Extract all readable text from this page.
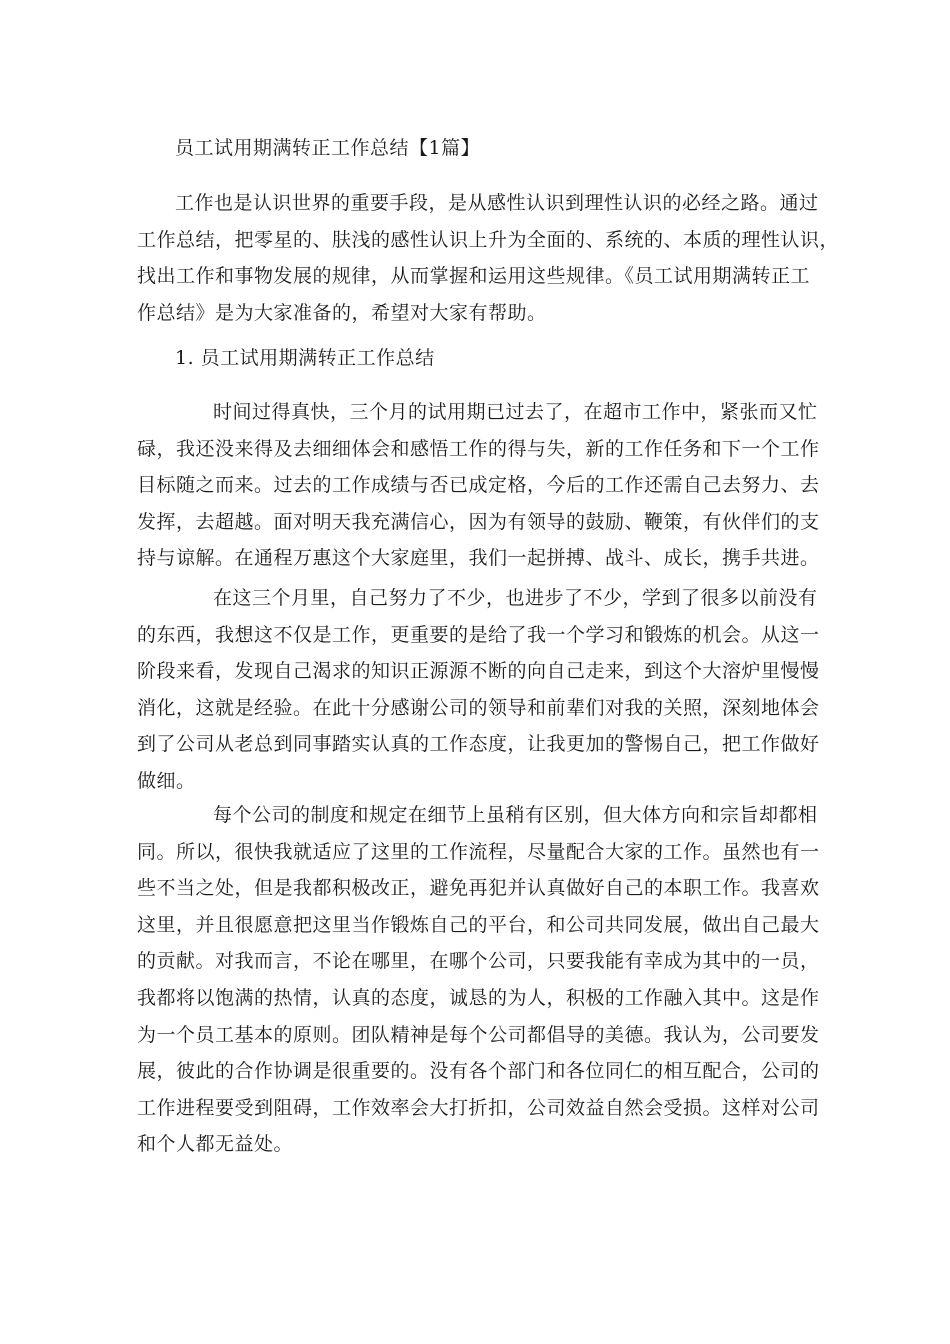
员工试用期满转正工作总结【1篇】
工作也是认识世界的重要手段，是从感性认识到理性认识的必经之路。通过
工作总结，把零星的、肤浅的感性认识上升为全面的、系统的、本质的理性认识，
找出工作和事物发展的规律，从而掌握和运用这些规律。《员工试用期满转正工
作总结》是为大家准备的，希望对大家有帮助。
1. 员工试用期满转正工作总结
时间过得真快，三个月的试用期已过去了，在超市工作中，紧张而又忙
碌，我还没来得及去细细体会和感悟工作的得与失，新的工作任务和下一个工作
目标随之而来。过去的工作成绩与否已成定格，今后的工作还需自己去努力、去
发挥，去超越。面对明天我充满信心，因为有领导的鼓励、鞭策，有伙伴们的支
持与谅解。在通程万惠这个大家庭里，我们一起拼搏、战斗、成长，携手共进。
在这三个月里，自己努力了不少，也进步了不少，学到了很多以前没有
的东西，我想这不仅是工作，更重要的是给了我一个学习和锻炼的机会。从这一
阶段来看，发现自己渴求的知识正源源不断的向自己走来，到这个大溶炉里慢慢
消化，这就是经验。在此十分感谢公司的领导和前辈们对我的关照，深刻地体会
到了公司从老总到同事踏实认真的工作态度，让我更加的警惕自己，把工作做好
做细。
每个公司的制度和规定在细节上虽稍有区别，但大体方向和宗旨却都相
同。所以，很快我就适应了这里的工作流程，尽量配合大家的工作。虽然也有一
些不当之处，但是我都积极改正，避免再犯并认真做好自己的本职工作。我喜欢
这里，并且很愿意把这里当作锻炼自己的平台，和公司共同发展，做出自己最大
的贡献。对我而言，不论在哪里，在哪个公司，只要我能有幸成为其中的一员，
我都将以饱满的热情，认真的态度，诚恳的为人，积极的工作融入其中。这是作
为一个员工基本的原则。团队精神是每个公司都倡导的美德。我认为，公司要发
展，彼此的合作协调是很重要的。没有各个部门和各位同仁的相互配合，公司的
工作进程要受到阻碍，工作效率会大打折扣，公司效益自然会受损。这样对公司
和个人都无益处。
